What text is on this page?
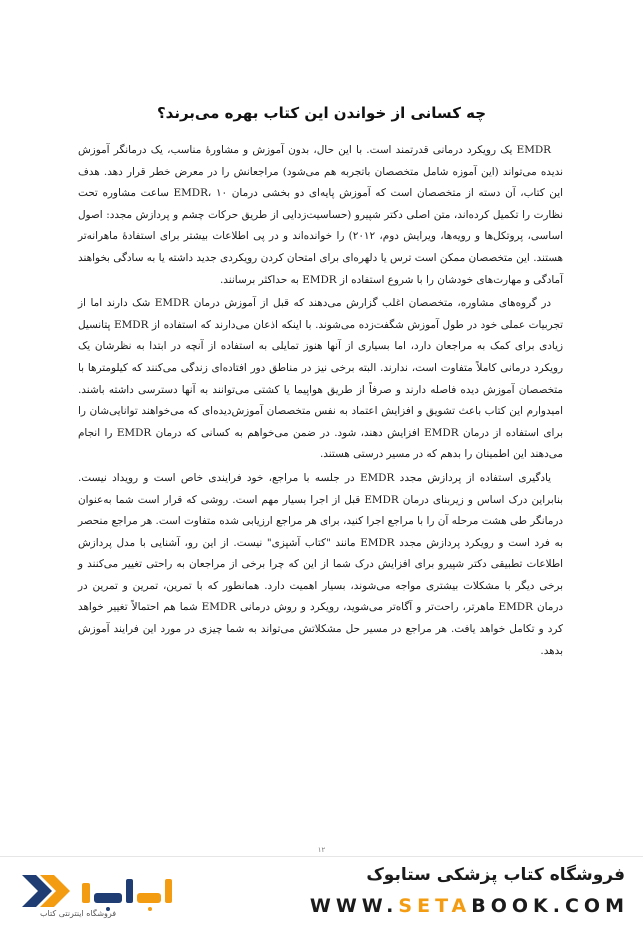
چه کسانی از خواندن این کتاب بهره می‌برند؟

EMDR یک رویکرد درمانی قدرتمند است. با این حال، بدون آموزش و مشاورهٔ مناسب، یک درمانگر آموزش ندیده می‌تواند (این آموزه شامل متخصصان باتجربه هم می‌شود) مراجعانش را در معرض خطر قرار دهد. هدف این کتاب، آن دسته از متخصصان است که آموزش پایه‌ای دو بخشی درمان EMDR، ۱۰ ساعت مشاوره تحت نظارت را تکمیل کرده‌اند، متن اصلی دکتر شپیرو (حساسیت‌زدایی از طریق حرکات چشم و پردازش مجدد: اصول اساسی، پروتکل‌ها و رویه‌ها، ویرایش دوم، ۲۰۱۲) را خوانده‌اند و در پی اطلاعات بیشتر برای استفادهٔ ماهرانه‌تر هستند. این متخصصان ممکن است ترس یا دلهره‌ای برای امتحان کردن رویکردی جدید داشته یا به سادگی بخواهند آمادگی و مهارت‌های خودشان را با شروع استفاده از EMDR به حداکثر برسانند.

در گروه‌های مشاوره، متخصصان اغلب گزارش می‌دهند که قبل از آموزش درمان EMDR شک دارند اما از تجربیات عملی خود در طول آموزش شگفت‌زده می‌شوند. با اینکه اذعان می‌دارند که استفاده از EMDR پتانسیل زیادی برای کمک به مراجعان دارد، اما بسیاری از آنها هنوز تمایلی به استفاده از آنچه در ابتدا به نظرشان یک رویکرد درمانی کاملاً متفاوت است، ندارند. البته برخی نیز در مناطق دور افتاده‌ای زندگی می‌کنند که کیلومترها با متخصصان آموزش دیده فاصله دارند و صرفاً از طریق هواپیما یا کشتی می‌توانند به آنها دسترسی داشته باشند. امیدوارم این کتاب باعث تشویق و افزایش اعتماد به نفس متخصصان آموزش‌دیده‌ای که می‌خواهند توانایی‌شان را برای استفاده از درمان EMDR افزایش دهند، شود. در ضمن می‌خواهم به کسانی که درمان EMDR را انجام می‌دهند این اطمینان را بدهم که در مسیر درستی هستند.

یادگیری استفاده از پردازش مجدد EMDR در جلسه با مراجع، خود فرایندی خاص است و رویداد نیست. بنابراین درک اساس و زیربنای درمان EMDR قبل از اجرا بسیار مهم است. روشی که قرار است شما به‌عنوان درمانگر طی هشت مرحله آن را با مراجع اجرا کنید، برای هر مراجع ارزیابی شده متفاوت است. هر مراجع منحصر به فرد است و رویکرد پردازش مجدد EMDR مانند "کتاب آشپزی" نیست. از این رو، آشنایی با مدل پردازش اطلاعات تطبیقی دکتر شپیرو برای افزایش درک شما از این که چرا برخی از مراجعان به راحتی تغییر می‌کنند و برخی دیگر با مشکلات بیشتری مواجه می‌شوند، بسیار اهمیت دارد. همانطور که با تمرین، تمرین و تمرین در درمان EMDR ماهرتر، راحت‌تر و آگاه‌تر می‌شوید، رویکرد و روش درمانی EMDR شما هم احتمالاً تغییر خواهد کرد و تکامل خواهد یافت. هر مراجع در مسیر حل مشکلاتش می‌تواند به شما چیزی در مورد این فرایند آموزش بدهد.

۱۲
فروشگاه اینترنتی کتاب
فروشگاه کتاب پزشکی ستابوک
WWW.SETABOOK.COM
